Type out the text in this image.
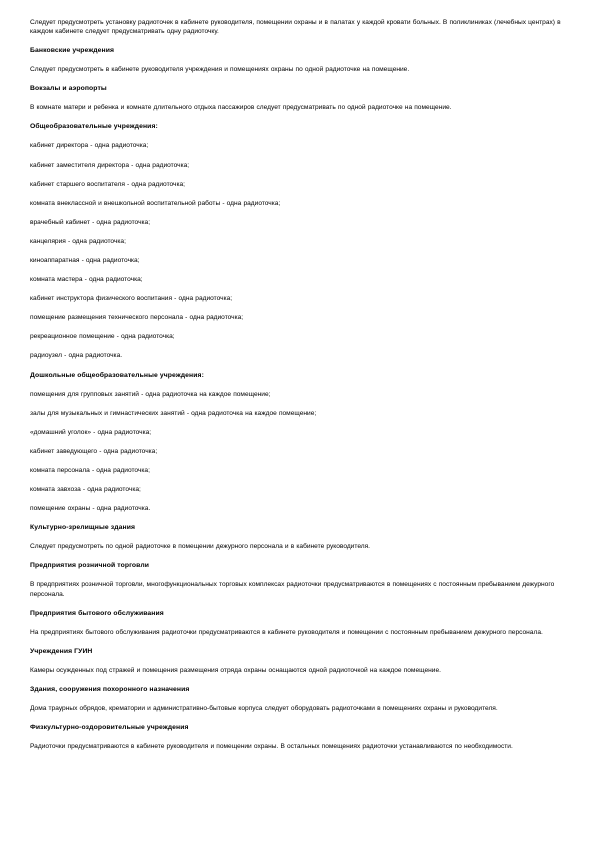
Следует предусмотреть установку радиоточек в кабинете руководителя, помещении охраны и в палатах у каждой кровати больных. В поликлиниках (лечебных центрах) в каждом кабинете следует предусматривать одну радиоточку.

Банковские учреждения

Следует предусмотреть в кабинете руководителя учреждения и помещениях охраны по одной радиоточке на помещение.

Вокзалы и аэропорты

В комнате матери и ребенка и комнате длительного отдыха пассажиров следует предусматривать по одной радиоточке на помещение.

Общеобразовательные учреждения:

кабинет директора - одна радиоточка;

кабинет заместителя директора - одна радиоточка;

кабинет старшего воспитателя - одна радиоточка;

комната внеклассной и внешкольной воспитательной работы - одна радиоточка;

врачебный кабинет - одна радиоточка;

канцелярия - одна радиоточка;

кинoаппаратная - одна радиоточка;

комната мастера - одна радиоточка;

кабинет инструктора физического воспитания - одна радиоточка;

помещение размещения технического персонала - одна радиоточка;

рекреационное помещение - одна радиоточка;

радиоузел - одна радиоточка.

Дошкольные общеобразовательные учреждения:

помещения для групповых занятий - одна радиоточка на каждое помещение;

залы для музыкальных и гимнастических занятий - одна радиоточка на каждое помещение;

«домашний уголок» - одна радиоточка;

кабинет заведующего - одна радиоточка;

комната персонала - одна радиоточка;

комната завхоза - одна радиоточка;

помещение охраны - одна радиоточка.

Культурно-зрелищные здания

Следует предусмотреть по одной радиоточке в помещении дежурного персонала и в кабинете руководителя.

Предприятия розничной торговли

В предприятиях розничной торговли, многофункциональных торговых комплексах радиоточки предусматриваются в помещениях с постоянным пребыванием дежурного персонала.

Предприятия бытового обслуживания

На предприятиях бытового обслуживания радиоточки предусматриваются в кабинете руководителя и помещении с постоянным пребыванием дежурного персонала.

Учреждения ГУИН

Камеры осужденных под стражей и помещения размещения отряда охраны оснащаются одной радиоточкой на каждое помещение.

Здания, сооружения похоронного назначения

Дома траурных обрядов, крематории и административно-бытовые корпуса следует оборудовать радиоточками в помещениях охраны и руководителя.

Физкультурно-оздоровительные учреждения

Радиоточки предусматриваются в кабинете руководителя и помещении охраны. В остальных помещениях радиоточки устанавливаются по необходимости.
